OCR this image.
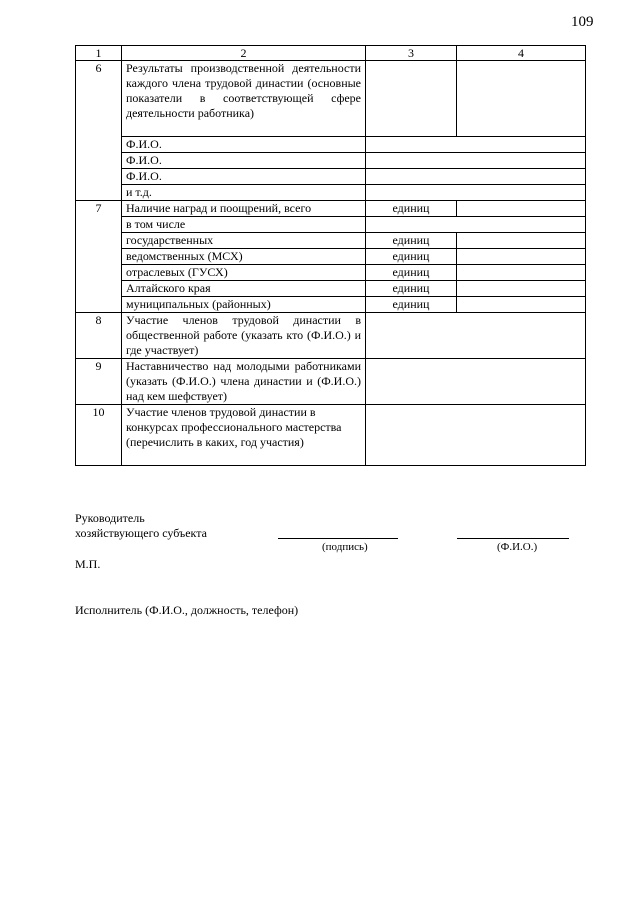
109
1	2	3	4
6	Результаты производственной деятельности каждого члена трудовой династии (основные показатели в соответствующей сфере деятельности работника)		
	Ф.И.О.		
	Ф.И.О.		
	Ф.И.О.		
	и т.д.		
7	Наличие наград и поощрений, всего	единиц	
	в том числе		
	государственных	единиц	
	ведомственных (МСХ)	единиц	
	отраслевых (ГУСХ)	единиц	
	Алтайского края	единиц	
	муниципальных (районных)	единиц	
8	Участие членов трудовой династии в общественной работе (указать кто (Ф.И.О.) и где участвует)		
9	Наставничество над молодыми работниками (указать (Ф.И.О.) члена династии и (Ф.И.О.) над кем шефствует)		
10	Участие членов трудовой династии в конкурсах профессионального мастерства (перечислить в каких, год участия)		
Руководитель
хозяйствующего субъекта
(подпись)	(Ф.И.О.)
М.П.
Исполнитель (Ф.И.О., должность, телефон)
